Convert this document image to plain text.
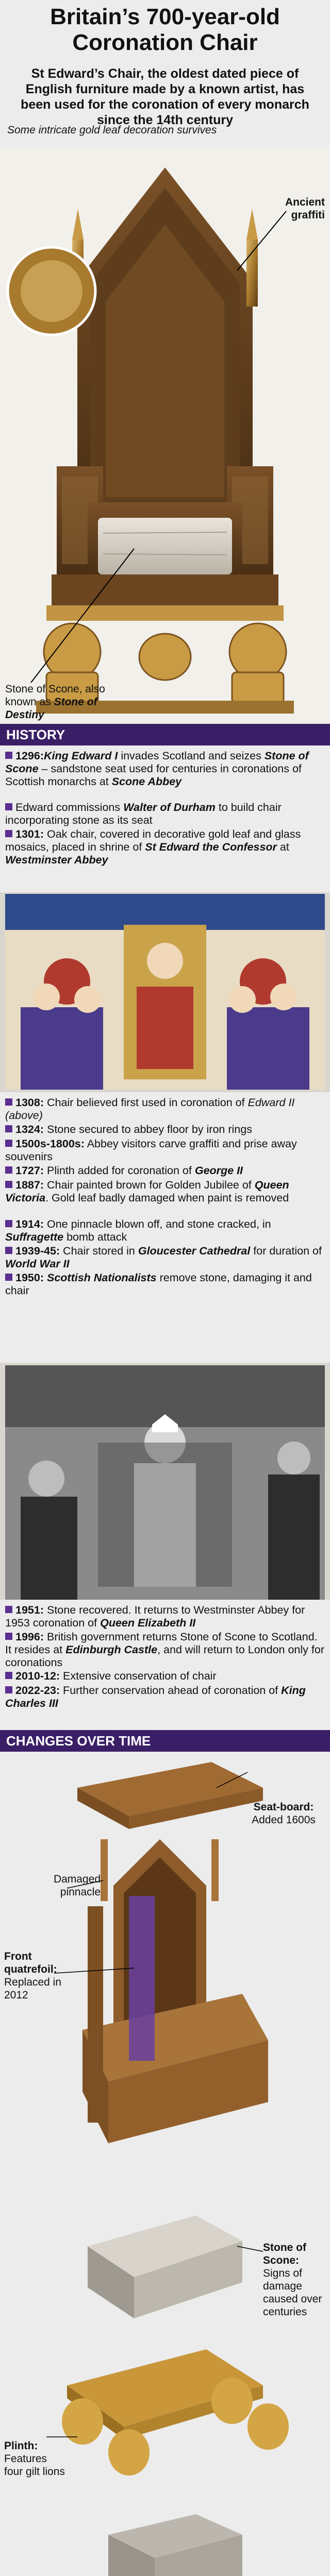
Britain’s 700-year-old Coronation Chair
St Edward’s Chair, the oldest dated piece of English furniture made by a known artist, has been used for the coronation of every monarch since the 14th century
Some intricate gold leaf decoration survives
Ancient graffiti
Stone of Scone, also known as Stone of Destiny
HISTORY
1296:King Edward I invades Scotland and seizes Stone of Scone – sandstone seat used for centuries in coronations of Scottish monarchs at Scone Abbey
Edward commissions Walter of Durham to build chair incorporating stone as its seat
1301: Oak chair, covered in decorative gold leaf and glass mosaics, placed in shrine of St Edward the Confessor at Westminster Abbey
1308: Chair believed first used in coronation of Edward II (above)
1324: Stone secured to abbey floor by iron rings
1500s-1800s: Abbey visitors carve graffiti and prise away souvenirs
1727: Plinth added for coronation of George II
1887: Chair painted brown for Golden Jubilee of Queen Victoria. Gold leaf badly damaged when paint is removed
1914: One pinnacle blown off, and stone cracked, in Suffragette bomb attack
1939-45: Chair stored in Gloucester Cathedral for duration of World War II
1950: Scottish Nationalists remove stone, damaging it and chair
1951: Stone recovered. It returns to Westminster Abbey for 1953 coronation of Queen Elizabeth II
1996: British government returns Stone of Scone to Scotland. It resides at Edinburgh Castle, and will return to London only for coronations
2010-12: Extensive conservation of chair
2022-23: Further conservation ahead of coronation of King Charles III
CHANGES OVER TIME
Seat-board:
Added 1600s
Damaged pinnacle
Front quatrefoil:
Replaced in 2012
Stone of Scone:
Signs of damage caused over centuries
Plinth:
Features four gilt lions
